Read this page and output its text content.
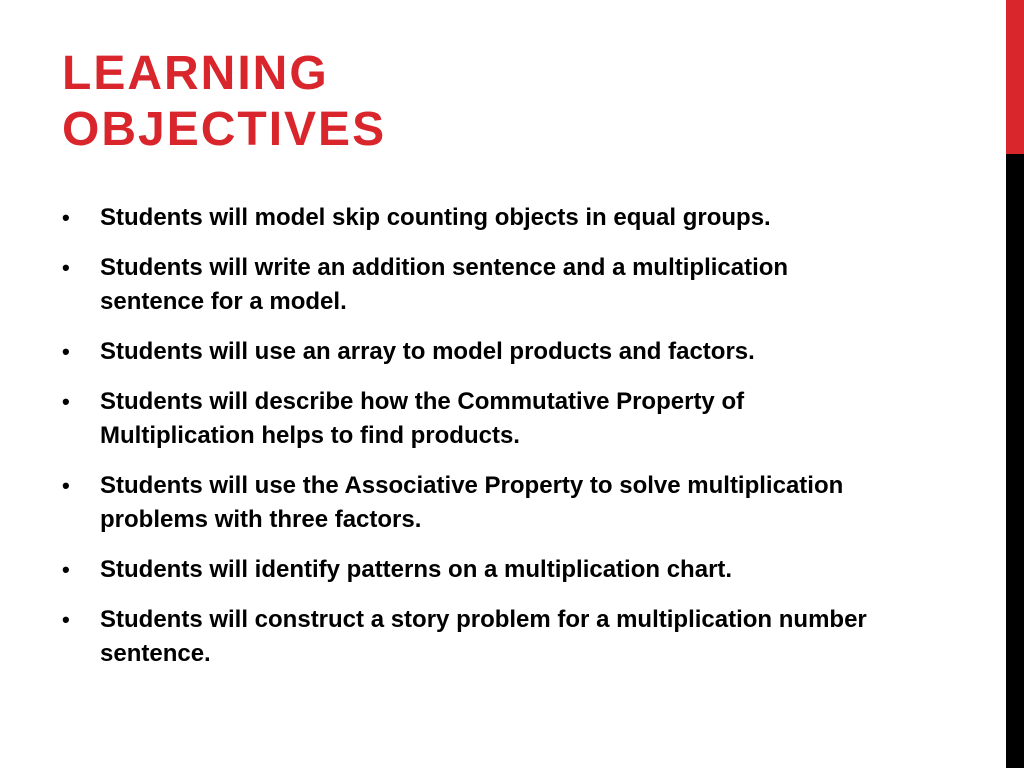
LEARNING
OBJECTIVES
• Students will model skip counting objects in equal groups.
• Students will write an addition sentence and a multiplication sentence for a model.
• Students will use an array to model products and factors.
• Students will describe how the Commutative Property of Multiplication helps to find products.
• Students will use the Associative Property to solve multiplication problems with three factors.
• Students will identify patterns on a multiplication chart.
• Students will construct a story problem for a multiplication number sentence.
